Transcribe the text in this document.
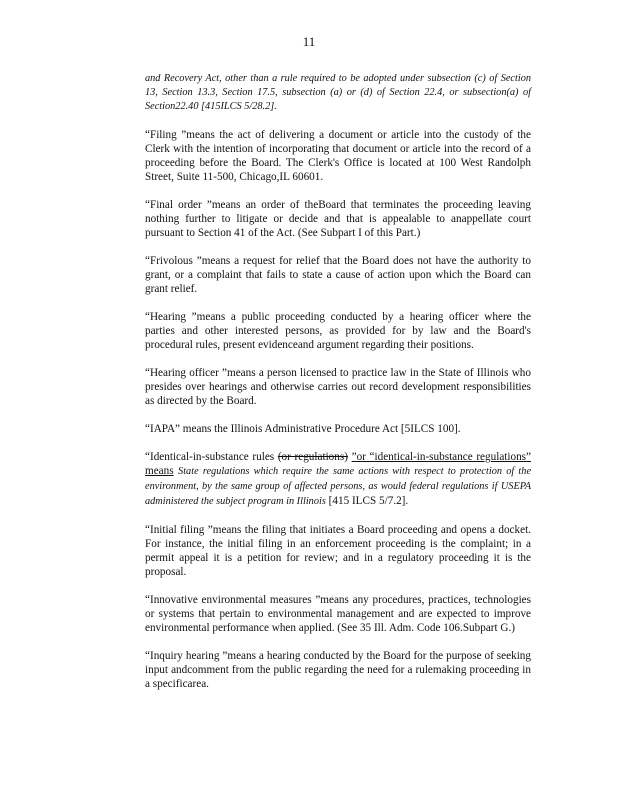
11

and Recovery Act, other than a rule required to be adopted under subsection (c) of Section 13, Section 13.3, Section 17.5, subsection (a) or (d) of Section 22.4, or subsection(a) of Section22.40 [415ILCS 5/28.2].

“Filing ”means the act of delivering a document or article into the custody of the Clerk with the intention of incorporating that document or article into the record of a proceeding before the Board. The Clerk's Office is located at 100 West Randolph Street, Suite 11-500, Chicago,IL 60601.

“Final order ”means an order of theBoard that terminates the proceeding leaving nothing further to litigate or decide and that is appealable to anappellate court pursuant to Section 41 of the Act. (See Subpart I of this Part.)

“Frivolous ”means a request for relief that the Board does not have the authority to grant, or a complaint that fails to state a cause of action upon which the Board can grant relief.

“Hearing ”means a public proceeding conducted by a hearing officer where the parties and other interested persons, as provided for by law and the Board's procedural rules, present evidenceand argument regarding their positions.

“Hearing officer ”means a person licensed to practice law in the State of Illinois who presides over hearings and otherwise carries out record development responsibilities as directed by the Board.

“IAPA” means the Illinois Administrative Procedure Act [5ILCS 100].

“Identical-in-substance rules (or regulations) ”or “identical-in-substance regulations” means State regulations which require the same actions with respect to protection of the environment, by the same group of affected persons, as would federal regulations if USEPA administered the subject program in Illinois [415 ILCS 5/7.2].

“Initial filing ”means the filing that initiates a Board proceeding and opens a docket. For instance, the initial filing in an enforcement proceeding is the complaint; in a permit appeal it is a petition for review; and in a regulatory proceeding it is the proposal.

“Innovative environmental measures ”means any procedures, practices, technologies or systems that pertain to environmental management and are expected to improve environmental performance when applied. (See 35 Ill. Adm. Code 106.Subpart G.)

“Inquiry hearing ”means a hearing conducted by the Board for the purpose of seeking input andcomment from the public regarding the need for a rulemaking proceeding in a specificarea.
